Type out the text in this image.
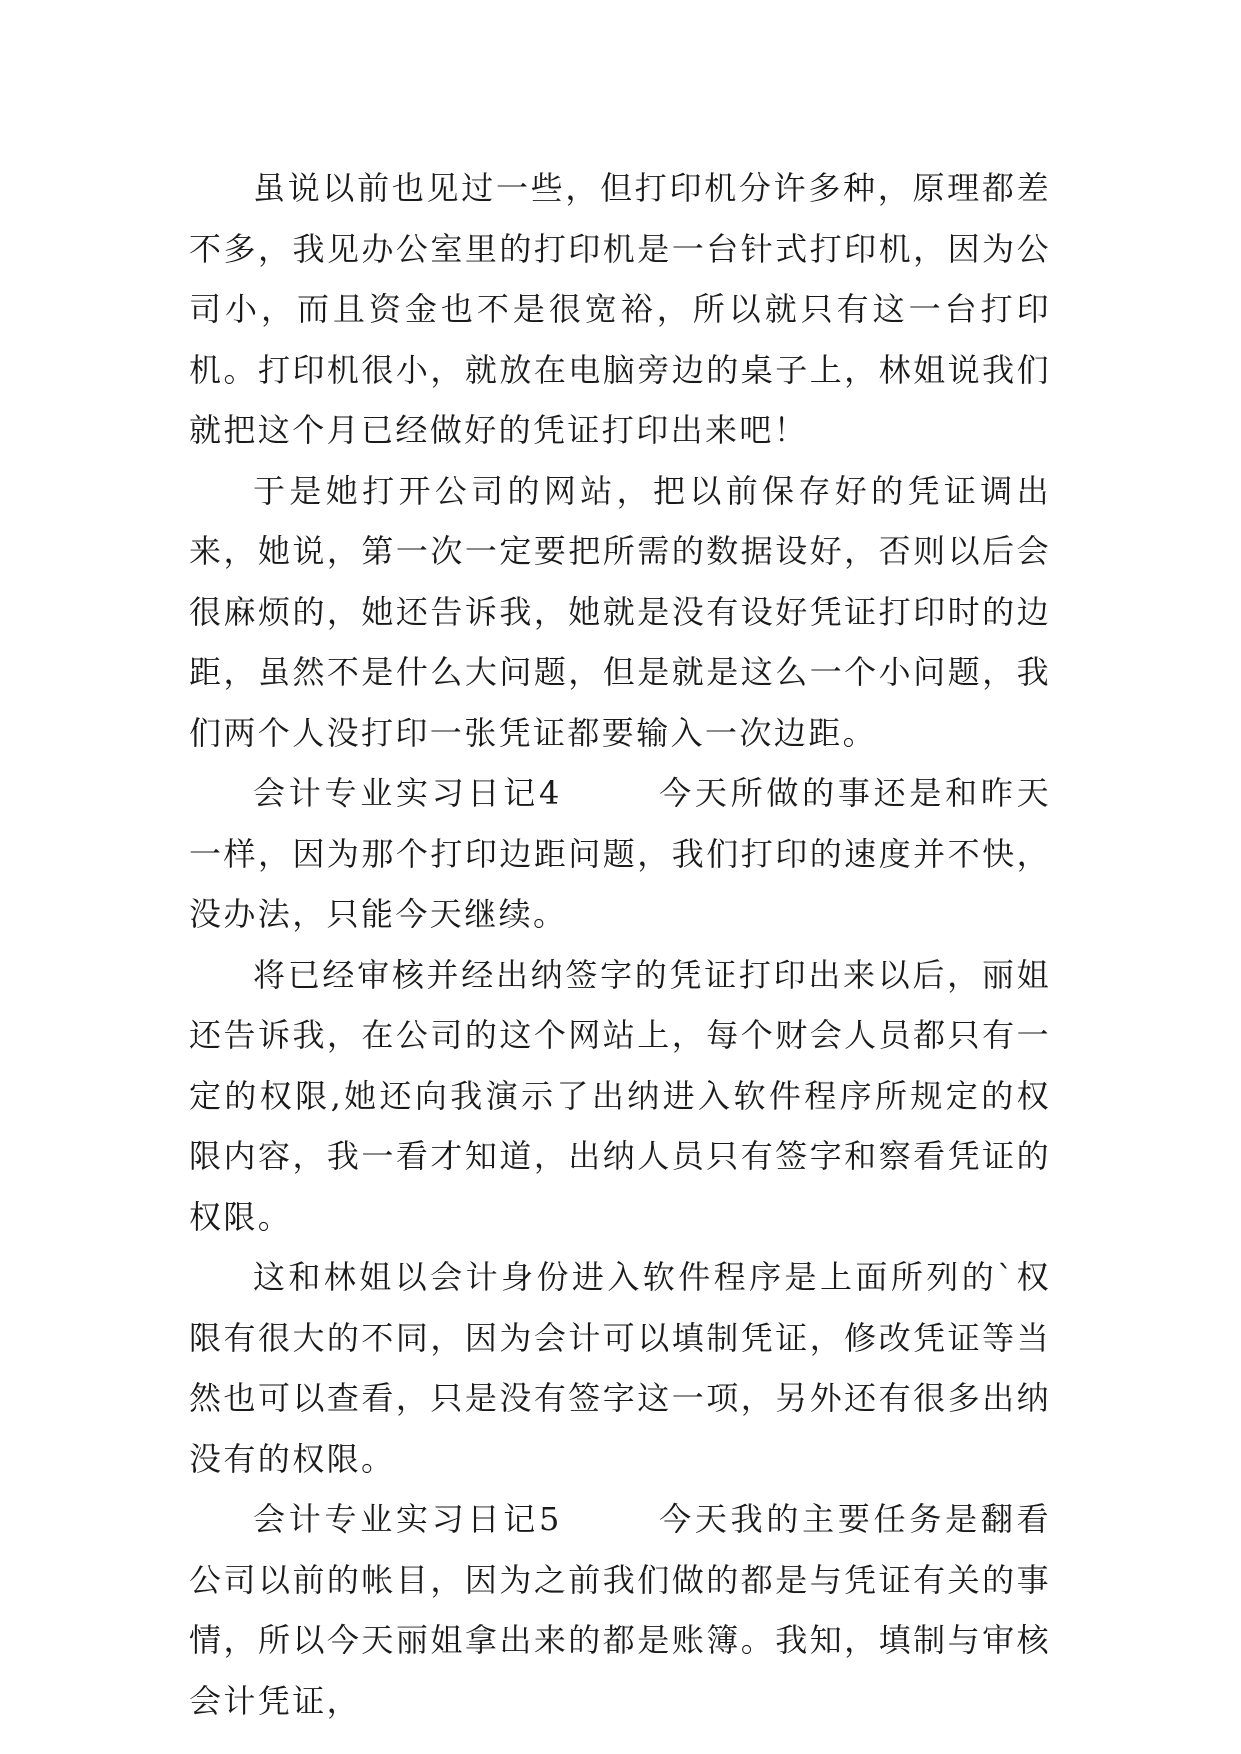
虽说以前也见过一些，但打印机分许多种，原理都差不多，我见办公室里的打印机是一台针式打印机，因为公司小，而且资金也不是很宽裕，所以就只有这一台打印机。打印机很小，就放在电脑旁边的桌子上，林姐说我们就把这个月已经做好的凭证打印出来吧！

于是她打开公司的网站，把以前保存好的凭证调出来，她说，第一次一定要把所需的数据设好，否则以后会很麻烦的，她还告诉我，她就是没有设好凭证打印时的边距，虽然不是什么大问题，但是就是这么一个小问题，我们两个人没打印一张凭证都要输入一次边距。

会计专业实习日记4	今天所做的事还是和昨天一样，因为那个打印边距问题，我们打印的速度并不快，没办法，只能今天继续。

将已经审核并经出纳签字的凭证打印出来以后，丽姐还告诉我，在公司的这个网站上，每个财会人员都只有一定的权限,她还向我演示了出纳进入软件程序所规定的权限内容，我一看才知道，出纳人员只有签字和察看凭证的权限。

这和林姐以会计身份进入软件程序是上面所列的`权限有很大的不同，因为会计可以填制凭证，修改凭证等当然也可以查看，只是没有签字这一项，另外还有很多出纳没有的权限。

会计专业实习日记5	今天我的主要任务是翻看公司以前的帐目，因为之前我们做的都是与凭证有关的事情，所以今天丽姐拿出来的都是账簿。我知，填制与审核会计凭证，
